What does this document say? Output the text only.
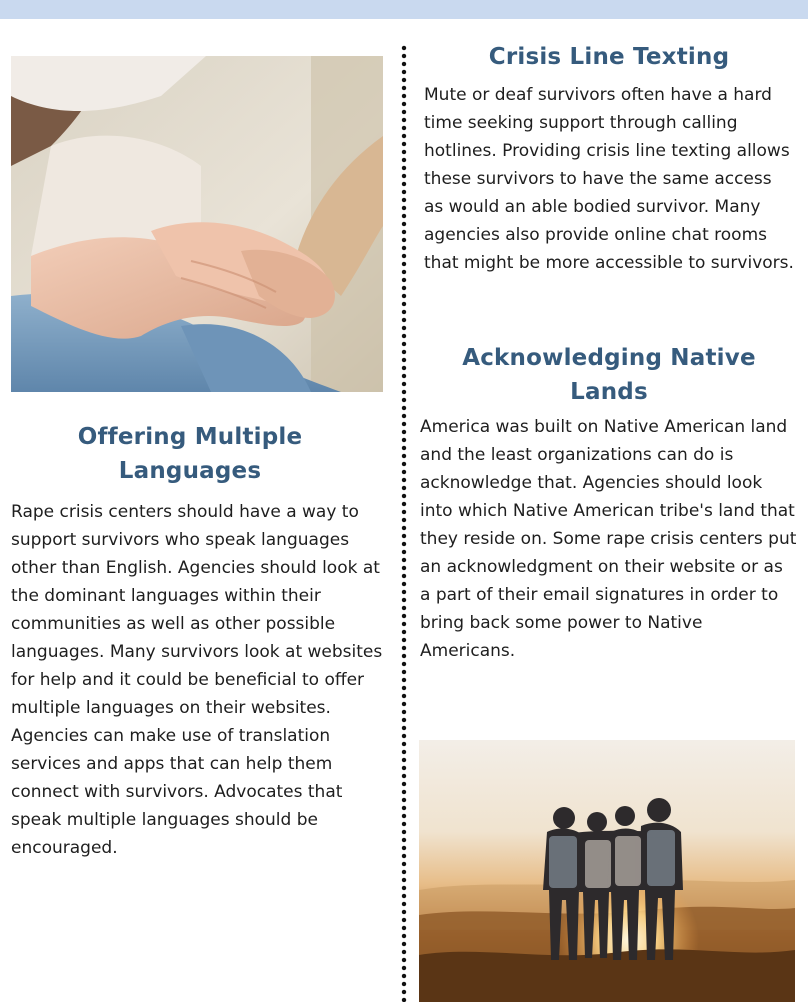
Offering Multiple
Languages

Rape crisis centers should have a way to support survivors who speak languages other than English. Agencies should look at the dominant languages within their communities as well as other possible languages. Many survivors look at websites for help and it could be beneficial to offer multiple languages on their websites. Agencies can make use of translation services and apps that can help them connect with survivors. Advocates that speak multiple languages should be encouraged.

Crisis Line Texting

Mute or deaf survivors often have a hard time seeking support through calling hotlines. Providing crisis line texting allows these survivors to have the same access as would an able bodied survivor. Many agencies also provide online chat rooms that might be more accessible to survivors.

Acknowledging Native
Lands

America was built on Native American land and the least organizations can do is acknowledge that. Agencies should look into which Native American tribe's land that they reside on. Some rape crisis centers put an acknowledgment on their website or as a part of their email signatures in order to bring back some power to Native Americans.
